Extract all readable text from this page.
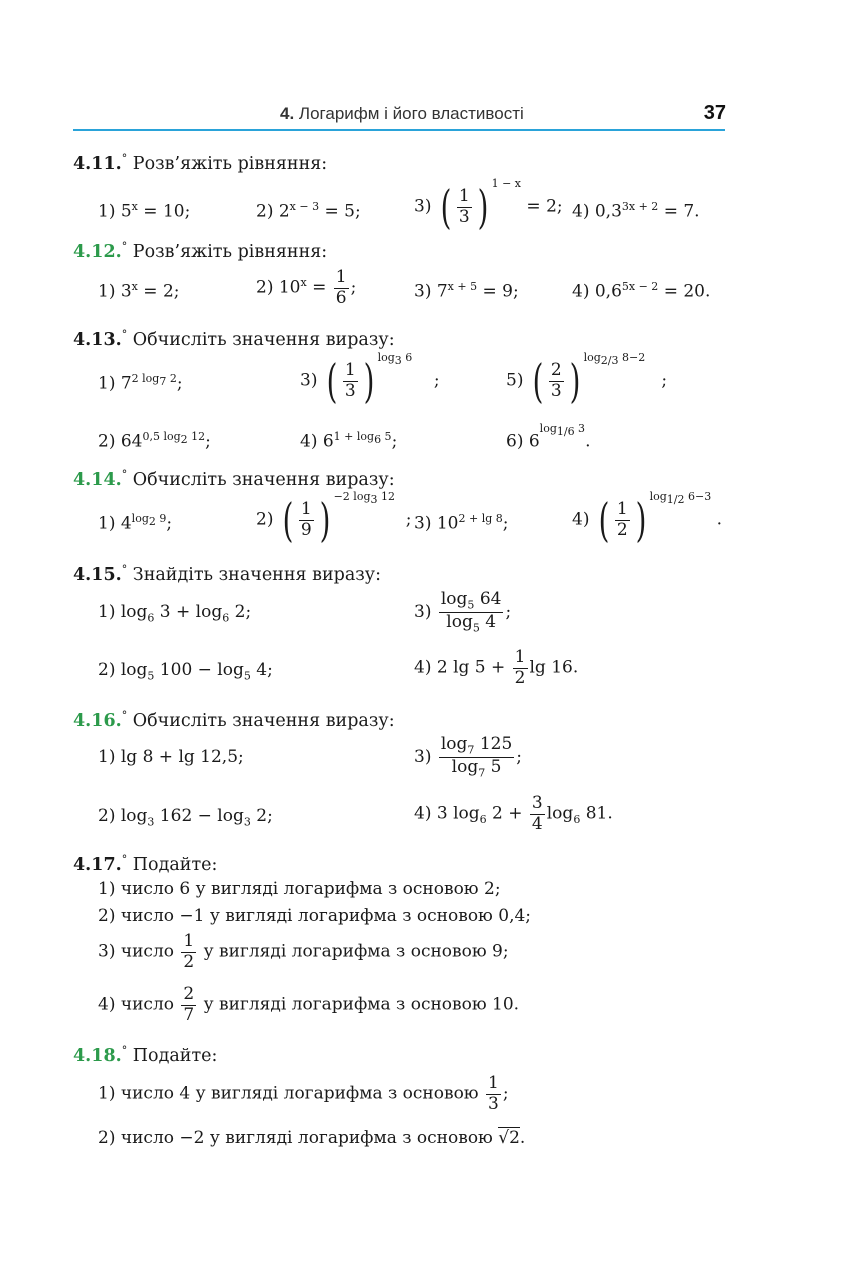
4. Логарифм і його властивості	37
4.11.° Розв’яжіть рівняння:
1) $5^x = 10$;	2) $2^{x - 3} = 5$;	3) ( $\frac{1}{3}$ ) $^{1 - x}$ = 2; 4) $0,3^{3x + 2} = 7$.
4.12.° Розв’яжіть рівняння:
1) $3^x = 2$;	2) $10^x = \frac{1}{6}$ ;	3) $7^{x + 5} = 9$;	4) $0,6^{5x - 2} = 20$.
4.13.° Обчисліть значення виразу:
1) $7^{2 log_7 2}$;	3) ( $\frac{1}{3}$ ) $^{log_3 6}$    ;	5) ( $\frac{2}{3}$ ) $^{log_{2/3} 8-2}$   ;
2) $64^{0,5 log_2 12}$;	4) $6^{1 + log_6 5}$;	6) $6^{log_{1/6} 3}$.
4.14.° Обчисліть значення виразу:
1) $4^{log_2 9}$;	2) ( $\frac{1}{9}$ ) $^{-2 log_3 12}$  ; 3) $10^{2 + lg 8}$;	4) ( $\frac{1}{2}$ ) $^{log_{1/2} 6-3}$ .
4.15.° Знайдіть значення виразу:
1) $\log_6 3 + \log_6 2$;	$3) \frac{\log_5 64}{\log_5 4}$ ;
2) $\log_5 100 - \log_5 4$;	4) 2 $\lg 5 + \frac{1}{2}$ lg 16.
4.16.° Обчисліть значення виразу:
1) lg 8 + lg 12,5;	$3) \frac{\log_7 125}{\log_7 5}$ ;
2) $\log_3 162 - \log_3 2$;	4) 3 $\log_6 2 + \frac{3}{4} \log_6 81$.
4.17.° Подайте:
1) число 6 у вигляді логарифма з основою 2;
2) число −1 у вигляді логарифма з основою 0,4;
3) число $\frac{1}{2}$ у вигляді логарифма з основою 9;
4) число $\frac{2}{7}$ у вигляді логарифма з основою 10.
4.18.° Подайте:
1) число 4 у вигляді логарифма з основою $\frac{1}{3}$ ;
2) число −2 у вигляді логарифма з основою √2.
